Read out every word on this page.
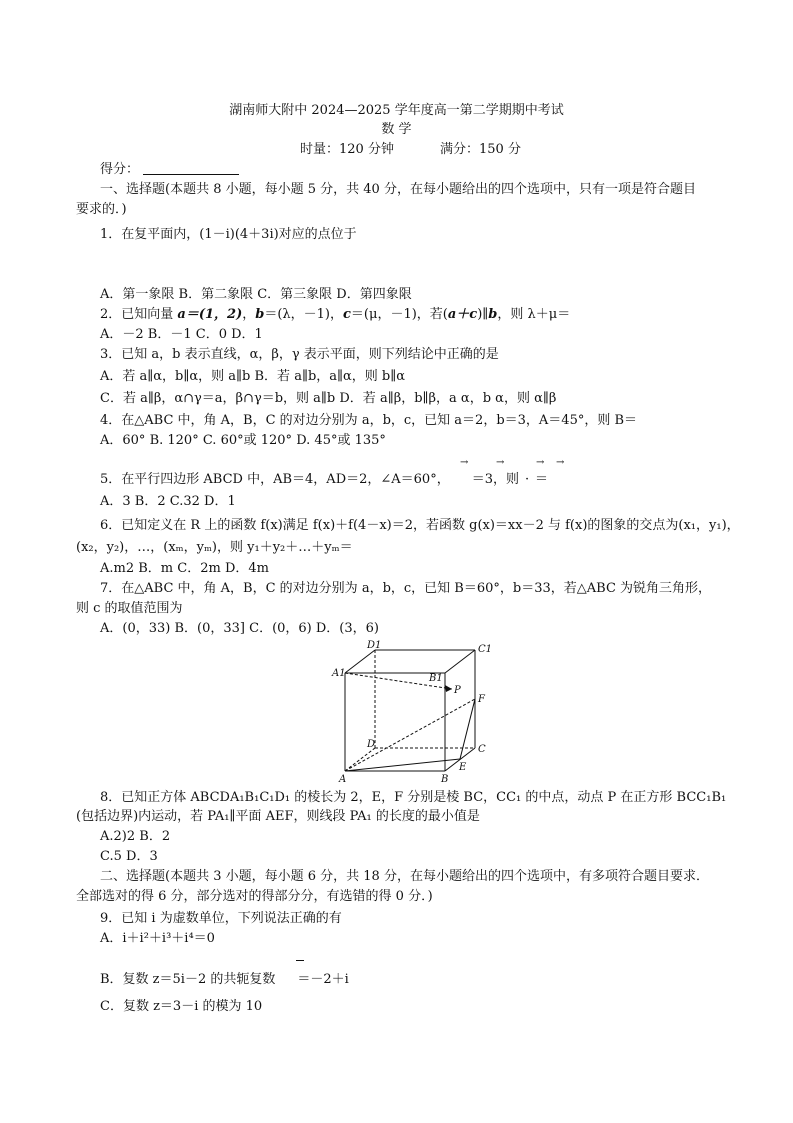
湖南师大附中 2024—2025 学年度高一第二学期期中考试
数 学
时量：120 分钟	满分：150 分
得分：
一、选择题(本题共 8 小题，每小题 5 分，共 40 分，在每小题给出的四个选项中，只有一项是符合题目
要求的．)
1．在复平面内，(1－i)(4＋3i)对应的点位于
A．第一象限 B．第二象限 C．第三象限 D．第四象限
2．已知向量 a＝(1，2)，b＝(λ，－1)，c＝(μ，－1)，若(a＋c)∥b，则 λ＋μ＝
A．－2 B．－1 C．0 D．1
3．已知 a，b 表示直线，α，β，γ 表示平面，则下列结论中正确的是
A．若 a∥α，b∥α，则 a∥b B．若 a∥b，a∥α，则 b∥α
C．若 a∥β，α∩γ＝a，β∩γ＝b，则 a∥b D．若 a∥β，b∥β，a α，b α，则 α∥β
4．在△ABC 中，角 A，B，C 的对边分别为 a，b，c，已知 a＝2，b＝3，A＝45°，则 B＝
A．60° B. 120° C. 60°或 120° D. 45°或 135°
5．在平行四边形 ABCD 中，AB＝4，AD＝2，∠A＝60°， ＝3，则 · ＝
→	→	→ →
A．3 B．2 C.32 D．1
6．已知定义在 R 上的函数 f(x)满足 f(x)＋f(4－x)＝2，若函数 g(x)＝xx－2 与 f(x)的图象的交点为(x₁，y₁)，
(x₂，y₂)，…，(xₘ，yₘ)，则 y₁＋y₂＋…＋yₘ＝
A.m2 B．m C．2m D．4m
7．在△ABC 中，角 A，B，C 的对边分别为 a，b，c，已知 B＝60°，b＝33，若△ABC 为锐角三角形，
则 c 的取值范围为
A．(0，33) B．(0，33] C．(0，6) D．(3，6)
D1	C1
A1	B1
P
F
D	C
A	B
E
8．已知正方体 ABCDA₁B₁C₁D₁ 的棱长为 2，E，F 分别是棱 BC，CC₁ 的中点，动点 P 在正方形 BCC₁B₁
(包括边界)内运动，若 PA₁∥平面 AEF，则线段 PA₁ 的长度的最小值是
A.2)2 B．2
C.5 D．3
二、选择题(本题共 3 小题，每小题 6 分，共 18 分，在每小题给出的四个选项中，有多项符合题目要求．
全部选对的得 6 分，部分选对的得部分分，有选错的得 0 分．)
9．已知 i 为虚数单位，下列说法正确的有
A．i＋i²＋i³＋i⁴＝0
B．复数 z＝5i－2 的共轭复数 ＝－2＋i
C．复数 z＝3－i 的模为 10
